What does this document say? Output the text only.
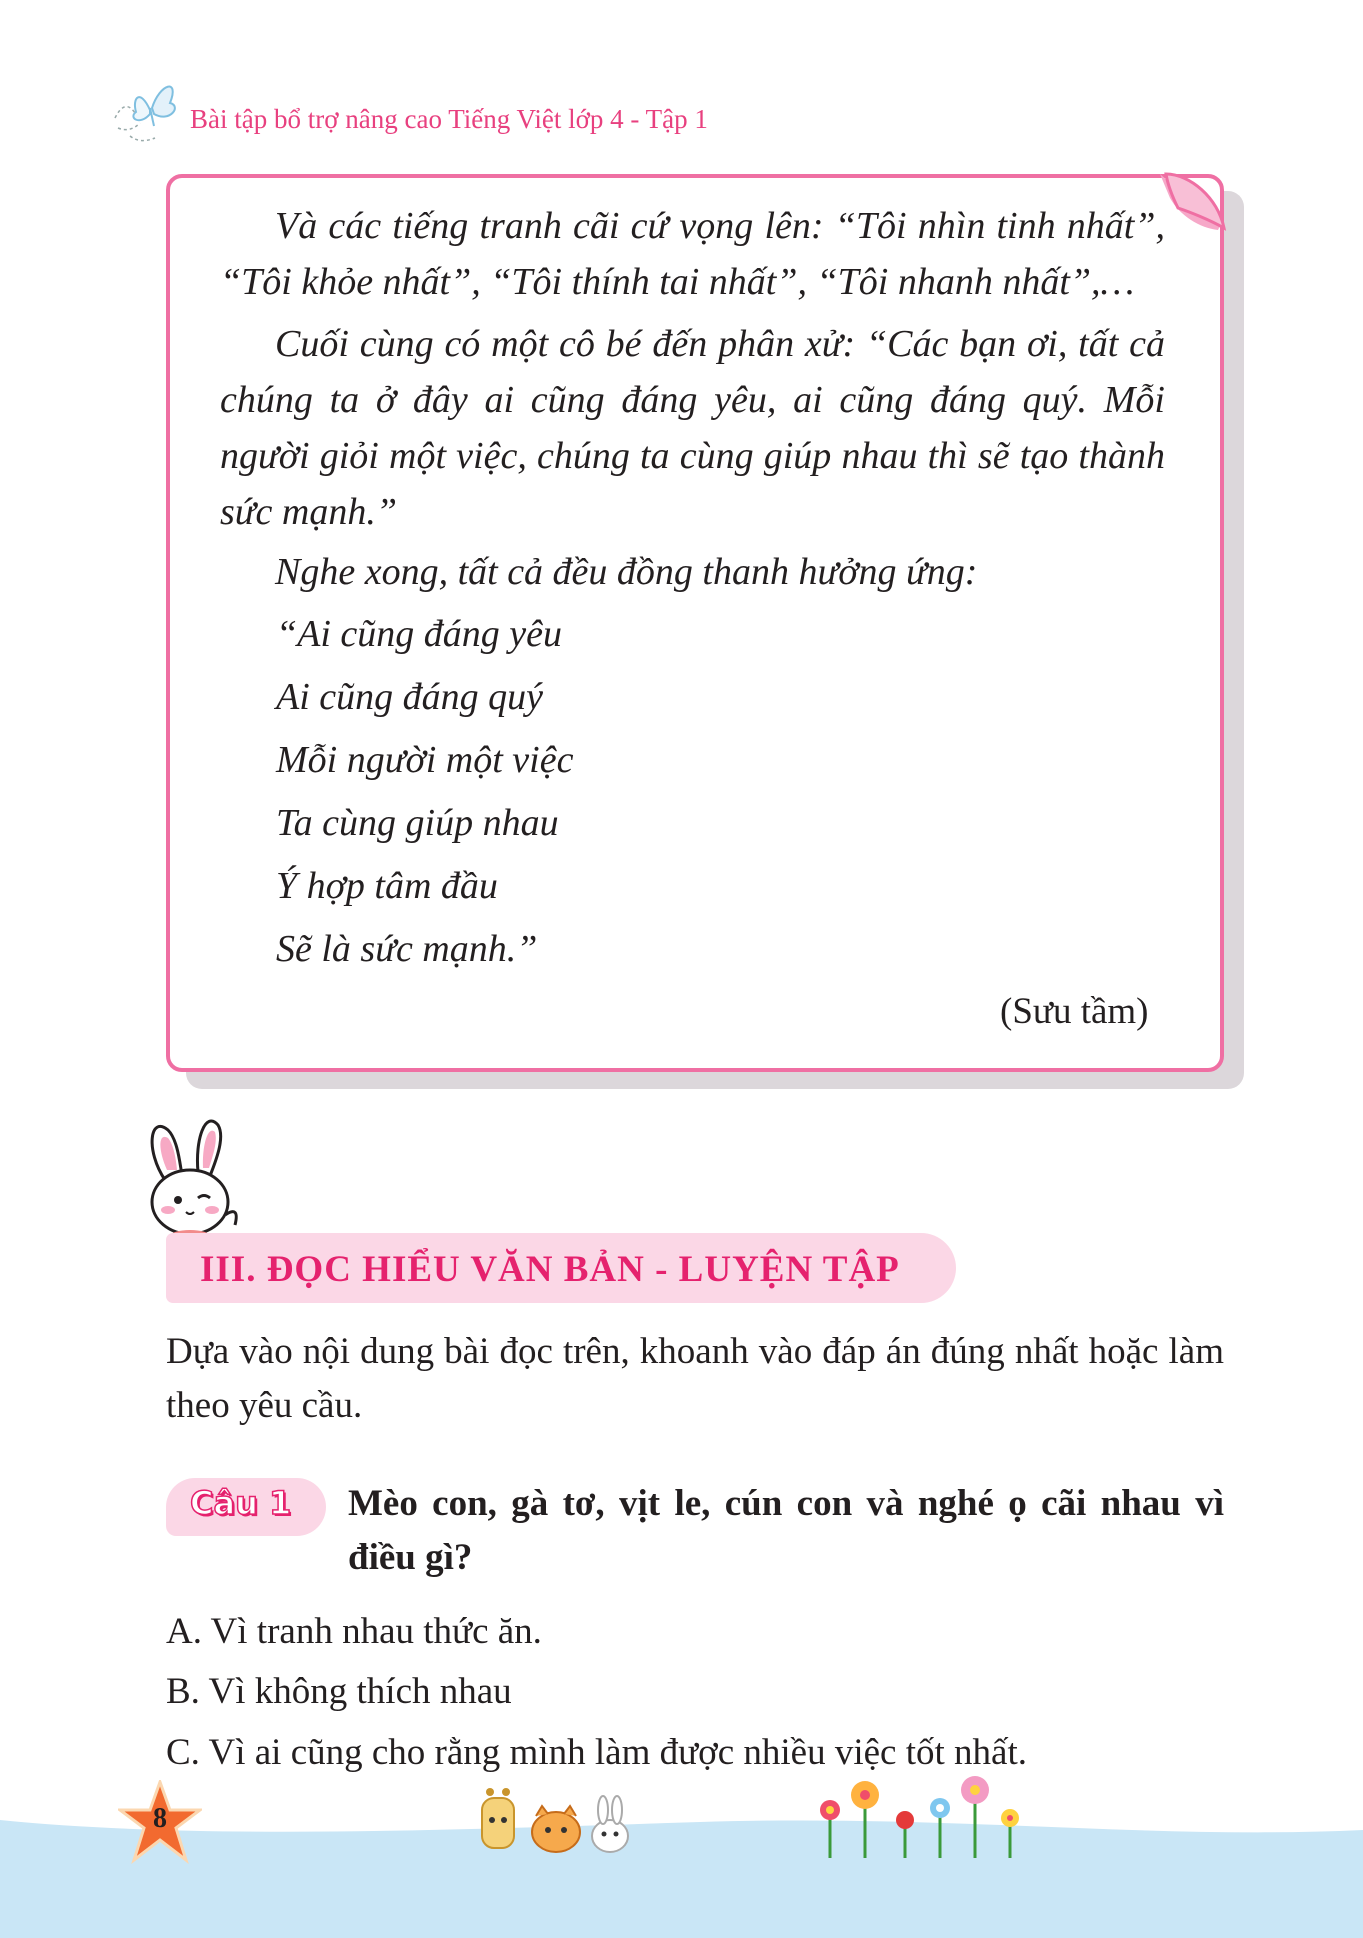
Bài tập bổ trợ nâng cao Tiếng Việt lớp 4 - Tập 1

Và các tiếng tranh cãi cứ vọng lên: “Tôi nhìn tinh nhất”, “Tôi khỏe nhất”, “Tôi thính tai nhất”, “Tôi nhanh nhất”,…

Cuối cùng có một cô bé đến phân xử: “Các bạn ơi, tất cả chúng ta ở đây ai cũng đáng yêu, ai cũng đáng quý. Mỗi người giỏi một việc, chúng ta cùng giúp nhau thì sẽ tạo thành sức mạnh.”

Nghe xong, tất cả đều đồng thanh hưởng ứng:

“Ai cũng đáng yêu
Ai cũng đáng quý
Mỗi người một việc
Ta cùng giúp nhau
Ý hợp tâm đầu
Sẽ là sức mạnh.”
(Sưu tầm)
III. ĐỌC HIỂU VĂN BẢN - LUYỆN TẬP

Dựa vào nội dung bài đọc trên, khoanh vào đáp án đúng nhất hoặc làm theo yêu cầu.

Câu 1 Mèo con, gà tơ, vịt le, cún con và nghé ọ cãi nhau vì điều gì?

A. Vì tranh nhau thức ăn.
B. Vì không thích nhau
C. Vì ai cũng cho rằng mình làm được nhiều việc tốt nhất.
8
